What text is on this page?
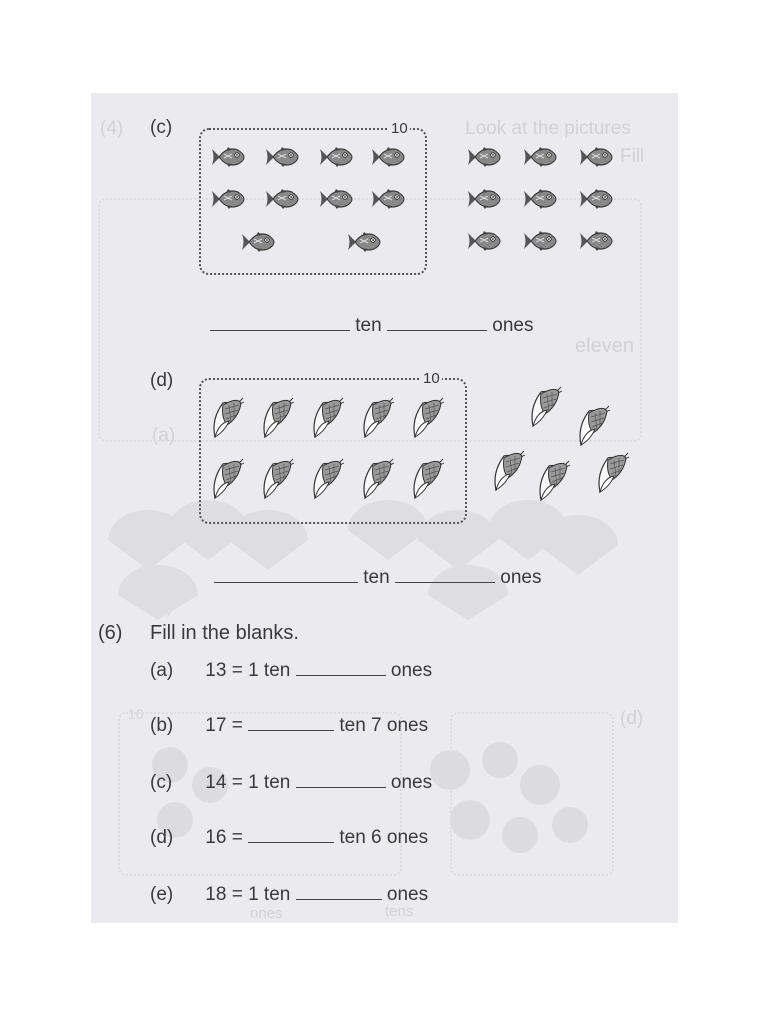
(4)	Look at the pictures
Fill
eleven
(a)
(d)
10
tens
ones
(c)	10
ten	ones
(d)	10
ten	ones
(6) Fill in the blanks.
(a) 13 = 1 ten	ones
(b) 17 =	ten 7 ones
(c) 14 = 1 ten	ones
(d) 16 =	ten 6 ones
(e) 18 = 1 ten	ones
